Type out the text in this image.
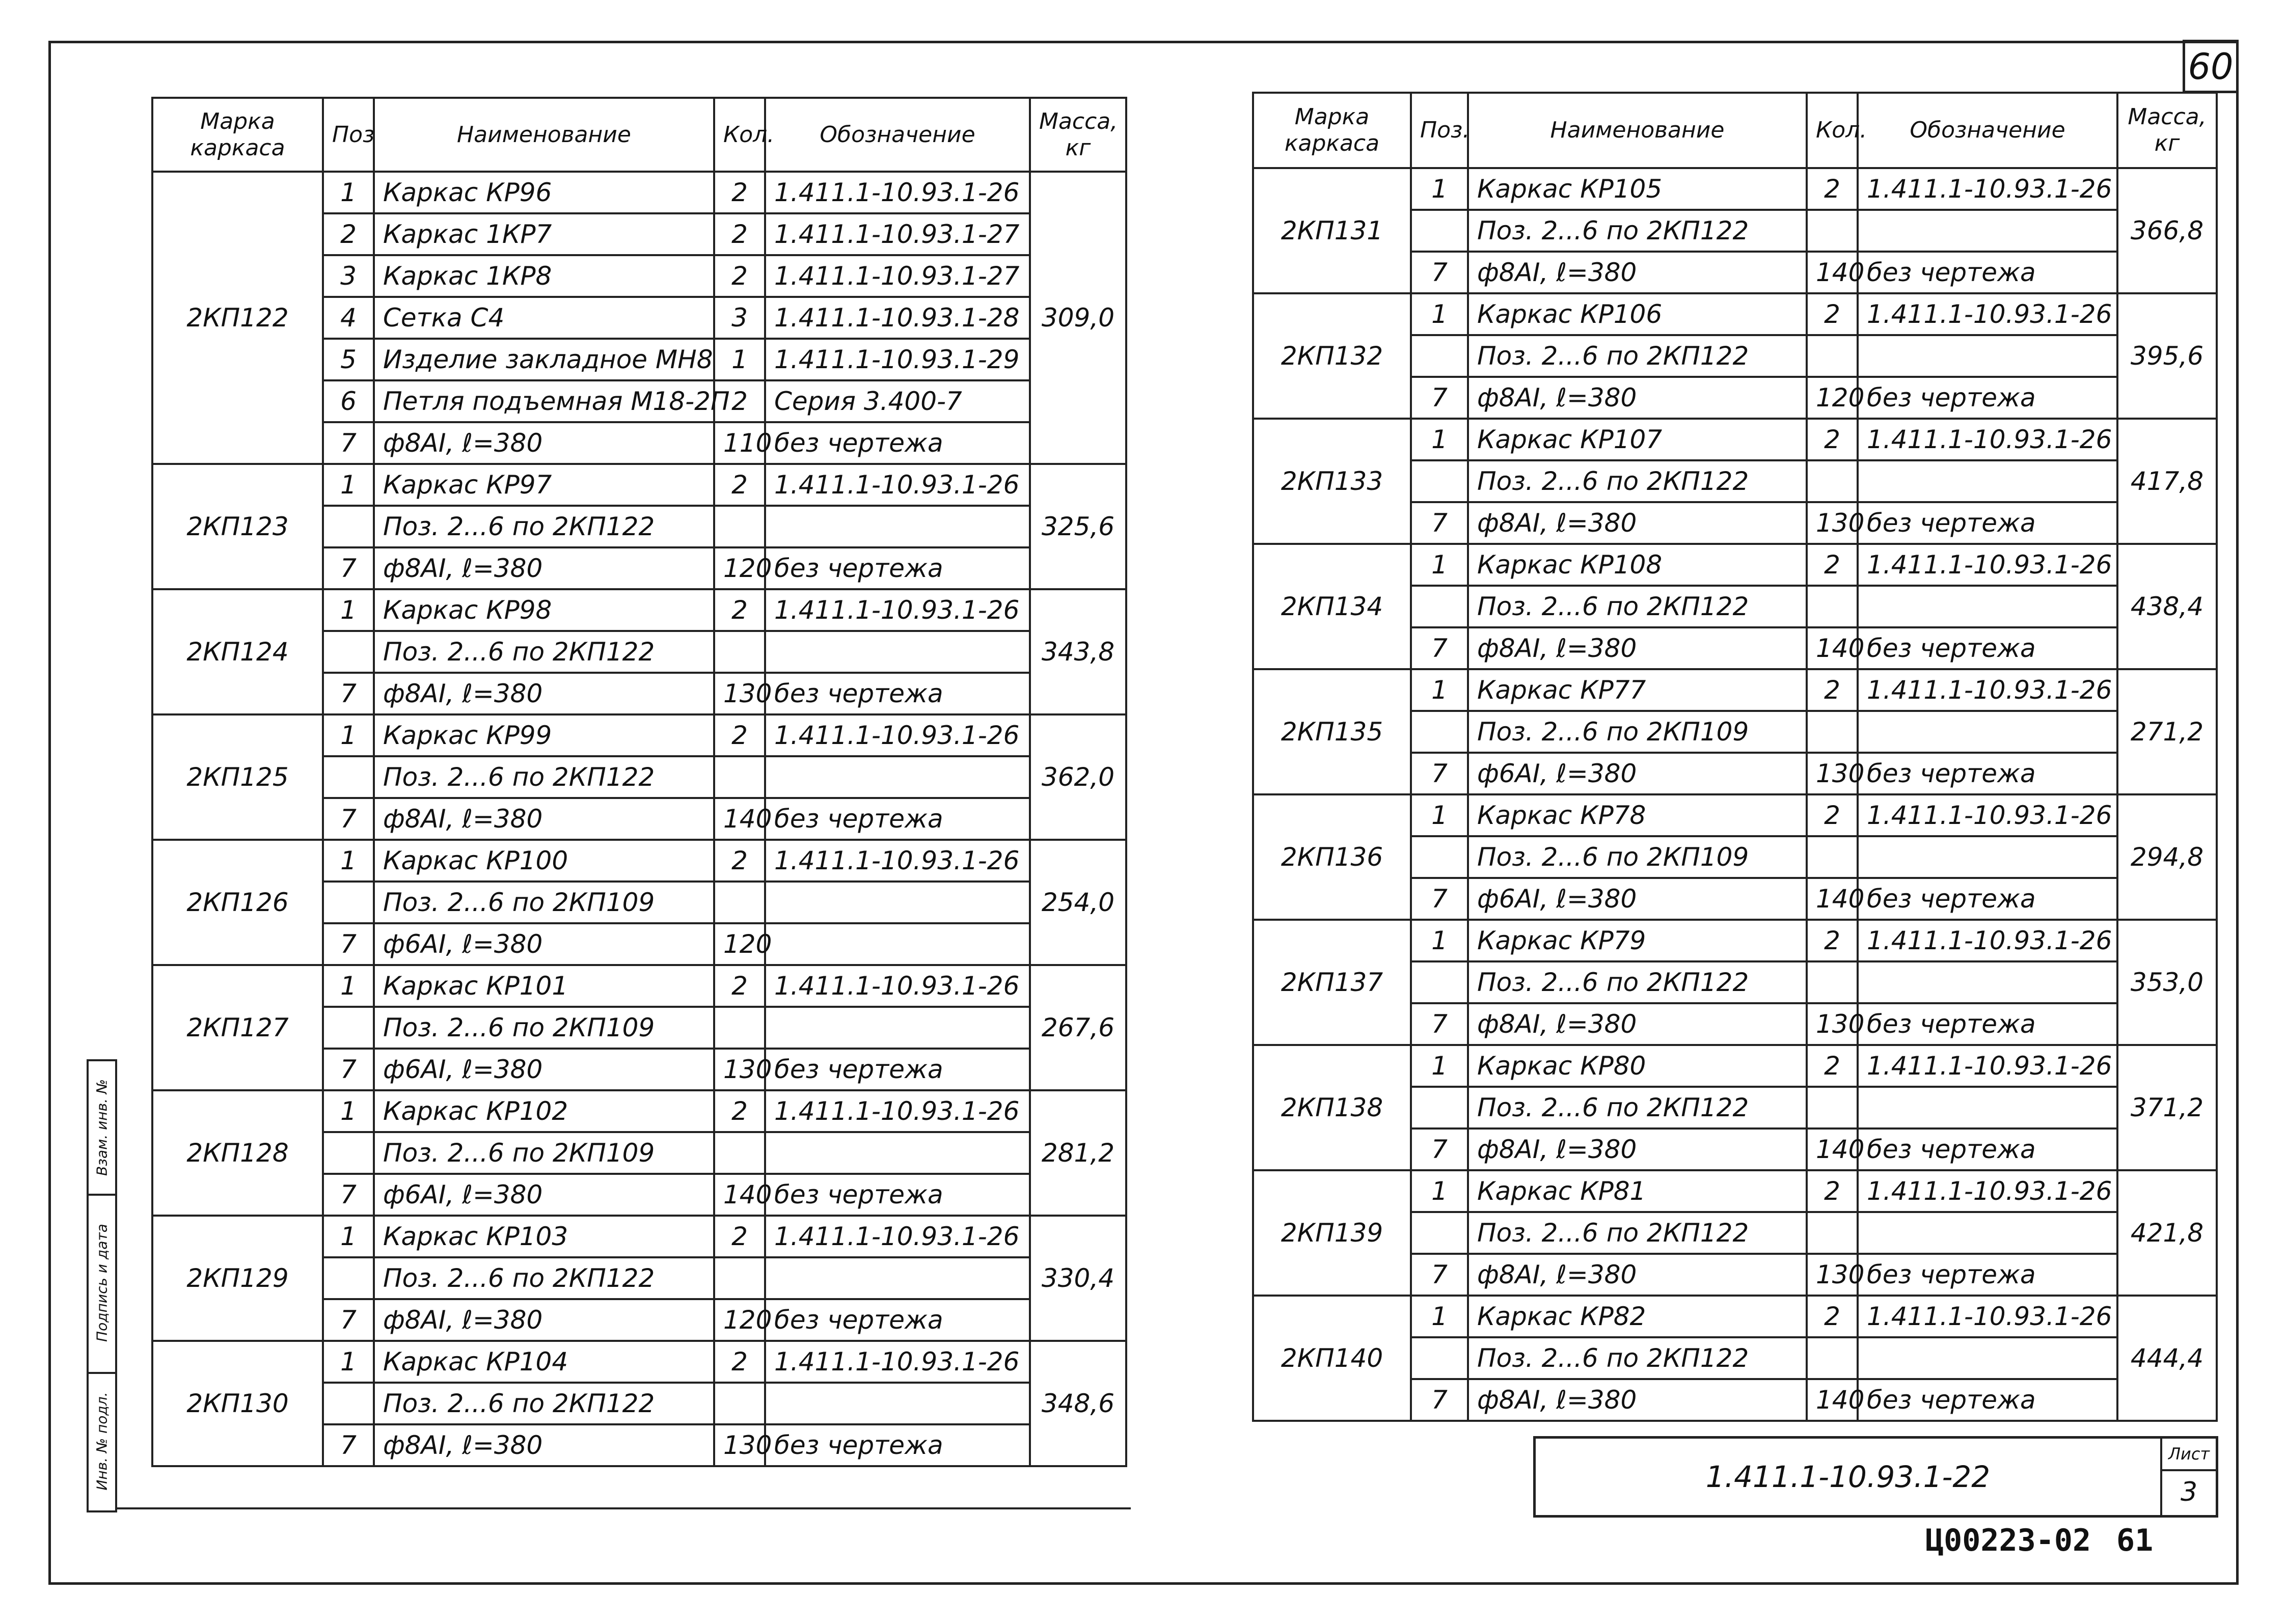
60
Марка каркаса	Поз	Наименование	Кол.	Обозначение	Масса, кг
2КП122	1	Каркас КР96	2	1.411.1-10.93.1-26	309,0
	2	Каркас 1КР7	2	1.411.1-10.93.1-27	
	3	Каркас 1КР8	2	1.411.1-10.93.1-27	
	4	Сетка С4	3	1.411.1-10.93.1-28	
	5	Изделие закладное МН8	1	1.411.1-10.93.1-29	
	6	Петля подъемная М18-2П	2	Серия 3.400-7	
	7	ф8АI, ℓ=380	110	без чертежа	
2КП123	1	Каркас КР97	2	1.411.1-10.93.1-26	325,6
		Поз. 2...6 по 2КП122			
	7	ф8АI, ℓ=380	120	без чертежа	
2КП124	1	Каркас КР98	2	1.411.1-10.93.1-26	343,8
		Поз. 2...6 по 2КП122			
	7	ф8АI, ℓ=380	130	без чертежа	
2КП125	1	Каркас КР99	2	1.411.1-10.93.1-26	362,0
		Поз. 2...6 по 2КП122			
	7	ф8АI, ℓ=380	140	без чертежа	
2КП126	1	Каркас КР100	2	1.411.1-10.93.1-26	254,0
		Поз. 2...6 по 2КП109			
	7	ф6АI, ℓ=380	120		
2КП127	1	Каркас КР101	2	1.411.1-10.93.1-26	267,6
		Поз. 2...6 по 2КП109			
	7	ф6АI, ℓ=380	130	без чертежа	
2КП128	1	Каркас КР102	2	1.411.1-10.93.1-26	281,2
		Поз. 2...6 по 2КП109			
	7	ф6АI, ℓ=380	140	без чертежа	
2КП129	1	Каркас КР103	2	1.411.1-10.93.1-26	330,4
		Поз. 2...6 по 2КП122			
	7	ф8АI, ℓ=380	120	без чертежа	
2КП130	1	Каркас КР104	2	1.411.1-10.93.1-26	348,6
		Поз. 2...6 по 2КП122			
	7	ф8АI, ℓ=380	130	без чертежа	
Марка каркаса	Поз.	Наименование	Кол.	Обозначение	Масса, кг
2КП131	1	Каркас КР105	2	1.411.1-10.93.1-26	366,8
		Поз. 2...6 по 2КП122			
	7	ф8АI, ℓ=380	140	без чертежа	
2КП132	1	Каркас КР106	2	1.411.1-10.93.1-26	395,6
		Поз. 2...6 по 2КП122			
	7	ф8АI, ℓ=380	120	без чертежа	
2КП133	1	Каркас КР107	2	1.411.1-10.93.1-26	417,8
		Поз. 2...6 по 2КП122			
	7	ф8АI, ℓ=380	130	без чертежа	
2КП134	1	Каркас КР108	2	1.411.1-10.93.1-26	438,4
		Поз. 2...6 по 2КП122			
	7	ф8АI, ℓ=380	140	без чертежа	
2КП135	1	Каркас КР77	2	1.411.1-10.93.1-26	271,2
		Поз. 2...6 по 2КП109			
	7	ф6АI, ℓ=380	130	без чертежа	
2КП136	1	Каркас КР78	2	1.411.1-10.93.1-26	294,8
		Поз. 2...6 по 2КП109			
	7	ф6АI, ℓ=380	140	без чертежа	
2КП137	1	Каркас КР79	2	1.411.1-10.93.1-26	353,0
		Поз. 2...6 по 2КП122			
	7	ф8АI, ℓ=380	130	без чертежа	
2КП138	1	Каркас КР80	2	1.411.1-10.93.1-26	371,2
		Поз. 2...6 по 2КП122			
	7	ф8АI, ℓ=380	140	без чертежа	
2КП139	1	Каркас КР81	2	1.411.1-10.93.1-26	421,8
		Поз. 2...6 по 2КП122			
	7	ф8АI, ℓ=380	130	без чертежа	
2КП140	1	Каркас КР82	2	1.411.1-10.93.1-26	444,4
		Поз. 2...6 по 2КП122			
	7	ф8АI, ℓ=380	140	без чертежа	
Взам. инв. №
Подпись и дата
Инв. № подл.	1.411.1-10.93.1-22
Лист
3
Ц00223-02 61
